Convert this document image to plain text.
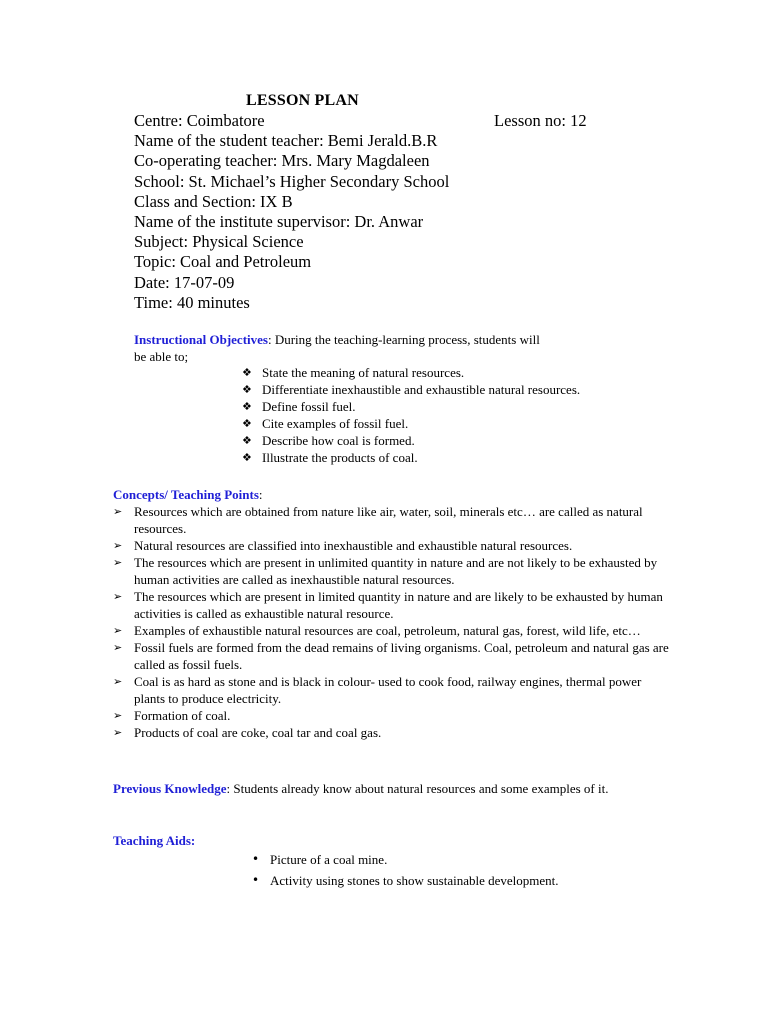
LESSON PLAN
Centre: Coimbatore
Name of the student teacher: Bemi Jerald.B.R
Co-operating teacher: Mrs. Mary Magdaleen
School: St. Michael’s Higher Secondary School
Class and Section: IX B
Name of the institute supervisor: Dr. Anwar
Subject: Physical Science
Topic: Coal and Petroleum
Date: 17-07-09
Time: 40 minutes
Lesson no: 12
Instructional Objectives: During the teaching-learning process, students will be able to;
❖ State the meaning of natural resources.
❖ Differentiate inexhaustible and exhaustible natural resources.
❖ Define fossil fuel.
❖ Cite examples of fossil fuel.
❖ Describe how coal is formed.
❖ Illustrate the products of coal.
Concepts/ Teaching Points:
➢ Resources which are obtained from nature like air, water, soil, minerals etc… are called as natural resources.
➢ Natural resources are classified into inexhaustible and exhaustible natural resources.
➢ The resources which are present in unlimited quantity in nature and are not likely to be exhausted by human activities are called as inexhaustible natural resources.
➢ The resources which are present in limited quantity in nature and are likely to be exhausted by human activities is called as exhaustible natural resource.
➢ Examples of exhaustible natural resources are coal, petroleum, natural gas, forest, wild life, etc…
➢ Fossil fuels are formed from the dead remains of living organisms. Coal, petroleum and natural gas are called as fossil fuels.
➢ Coal is as hard as stone and is black in colour- used to cook food, railway engines, thermal power plants to produce electricity.
➢ Formation of coal.
➢ Products of coal are coke, coal tar and coal gas.
Previous Knowledge: Students already know about natural resources and some examples of it.
Teaching Aids:
• Picture of a coal mine.
• Activity using stones to show sustainable development.
